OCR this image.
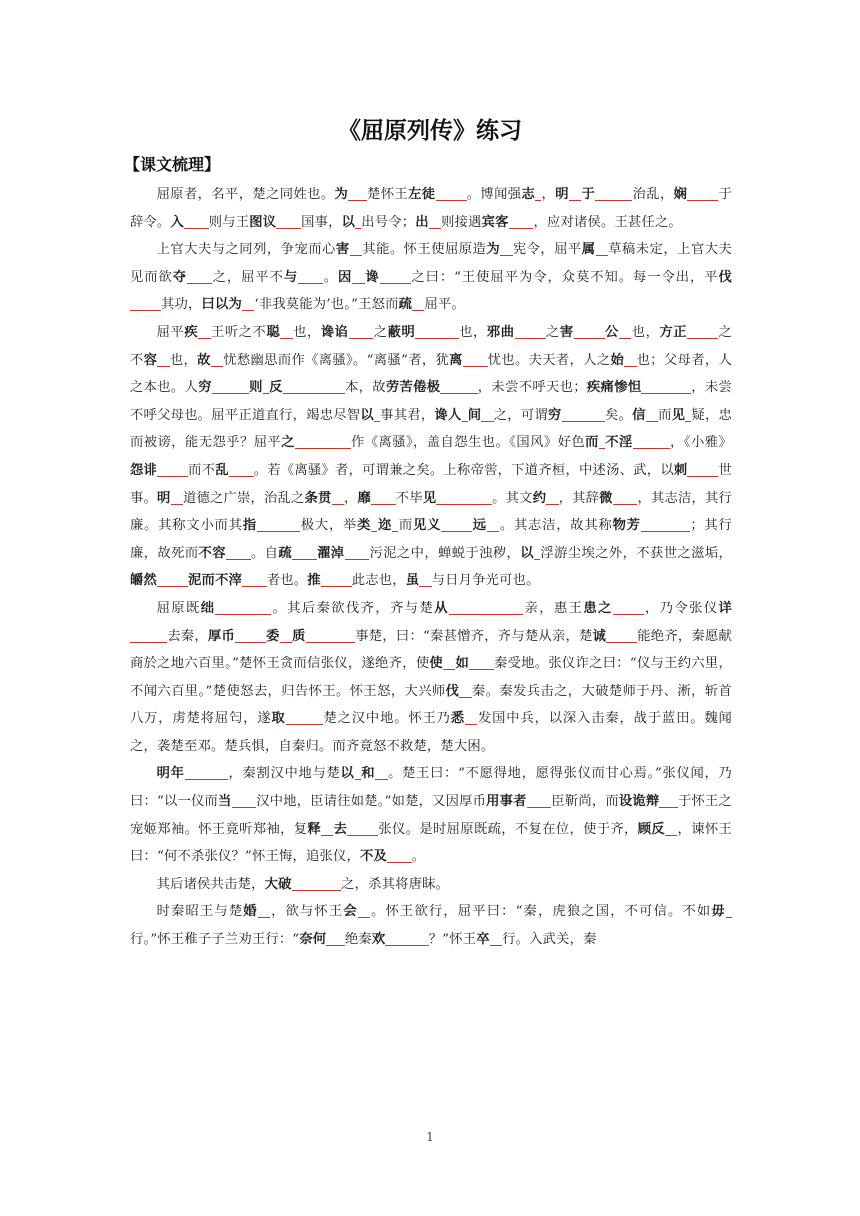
《屈原列传》练习
【课文梳理】

屈原者，名平，楚之同姓也。为 楚怀王左徒 。博闻强志 ，明 于	治乱，娴 于辞令。入 则与王图议 国事，以 出号令；出 则接遇宾客 ，应对诸侯。王甚任之。

上官大夫与之同列，争宠而心害 其能。怀王使屈原造为 宪令，屈平属 草稿未定，上官大夫见而欲夺 之，屈平不与 。因 谗 之曰：“王使屈平为令，众莫不知。每一令出，平伐其功，曰以为 ‘非我莫能为’也。”王怒而疏 屈平。

屈平疾 王听之不聪 也，谗谄 之蔽明	也，邪曲 之害 公 也，方正 之不容 也，故 忧愁幽思而作《离骚》。“离骚”者，犹离 忧也。夫天者，人之始 也；父母者，人之本也。人穷	则 反	本，故劳苦倦极	，未尝不呼天也；疾痛惨怛	，未尝不呼父母也。屈平正道直行，竭忠尽智以 事其君，谗人 间 之，可谓穷	矣。信 而见 疑，忠而被谤，能无怨乎？屈平之	作《离骚》，盖自怨生也。《国风》好色而 不淫	，《小雅》怨诽 而不乱 。若《离骚》者，可谓兼之矣。上称帝喾，下道齐桓，中述汤、武，以刺 世事。明 道德之广崇，治乱之条贯 ，靡 不毕见	。其文约 ，其辞微 ，其志洁，其行廉。其称文小而其指	极大，举类 迩 而见义 远 。其志洁，故其称物芳	；其行廉，故死而不容 。自疏 濯淖 污泥之中，蝉蜕于浊秽，以 浮游尘埃之外，不获世之滋垢，皭然 泥而不滓 者也。推 此志也，虽 与日月争光可也。

屈原既绌	。其后秦欲伐齐，齐与楚从	亲，惠王患之 ，乃令张仪详去秦，厚币 委 质	事楚，曰：“秦甚憎齐，齐与楚从亲，楚诚 能绝齐，秦愿献商於之地六百里。”楚怀王贪而信张仪，遂绝齐，使使 如 秦受地。张仪诈之曰：“仪与王约六里，不闻六百里。”楚使怒去，归告怀王。怀王怒，大兴师伐 秦。秦发兵击之，大破楚师于丹、淅，斩首八万，虏楚将屈匄，遂取	楚之汉中地。怀王乃悉 发国中兵，以深入击秦，战于蓝田。魏闻之，袭楚至邓。楚兵惧，自秦归。而齐竟怒不救楚，楚大困。

明年	，秦割汉中地与楚以 和 。楚王曰：“不愿得地，愿得张仪而甘心焉。”张仪闻，乃曰：“以一仪而当 汉中地，臣请往如楚。”如楚，又因厚币用事者 臣靳尚，而设诡辩 于怀王之宠姬郑袖。怀王竟听郑袖，复释 去 张仪。是时屈原既疏，不复在位，使于齐，顾反 ，谏怀王曰：“何不杀张仪？”怀王悔，追张仪，不及 。

其后诸侯共击楚，大破	之，杀其将唐眜。

时秦昭王与楚婚 ，欲与怀王会 。怀王欲行，屈平曰：“秦，虎狼之国，不可信。不如毋行。”怀王稚子子兰劝王行：“奈何 绝秦欢	？”怀王卒 行。入武关，秦

1
